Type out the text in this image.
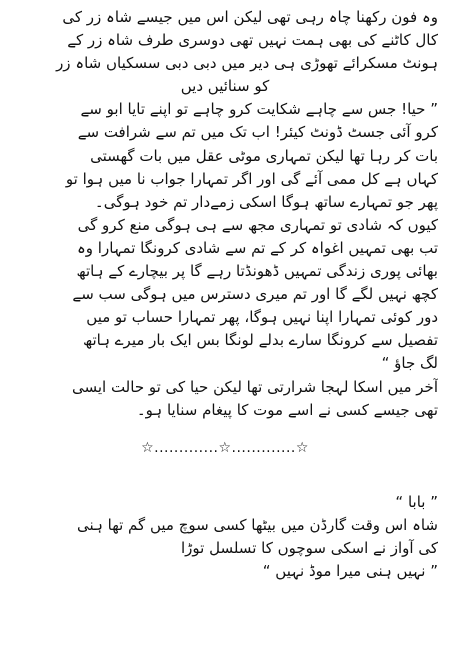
وہ فون رکھنا چاہ رہی تھی لیکن اس میں جیسے شاہ زر کی
کال کاٹنے کی بھی ہمت نہیں تھی دوسری طرف شاہ زر کے
ہونٹ مسکرائے تھوڑی ہی دیر میں دبی دبی سسکیاں شاہ زر
کو سنائیں دیں
” حیا! جس سے چاہے شکایت کرو چاہے تو اپنے تایا ابو سے
کرو آئی جسٹ ڈونٹ کیئر! اب تک میں تم سے شرافت سے
بات کر رہا تھا لیکن تمہاری موٹی عقل میں بات گھستی
کہاں ہے کل ممی آئے گی اور اگر تمہارا جواب نا میں ہوا تو
پھر جو تمہارے ساتھ ہوگا اسکی زمےدار تم خود ہوگی۔
کیوں کہ شادی تو تمہاری مجھ سے ہی ہوگی منع کرو گی
تب بھی تمہیں اغواہ کر کے تم سے شادی کرونگا تمہارا وہ
بھائی پوری زندگی تمہیں ڈھونڈتا رہے گا پر بیچارے کے ہاتھ
کچھ نہیں لگے گا اور تم میری دسترس میں ہوگی سب سے
دور کوئی تمہارا اپنا نہیں ہوگا، پھر تمہارا حساب تو میں
تفصیل سے کرونگا سارے بدلے لونگا بس ایک بار میرے ہاتھ
لگ جاؤ “
آخر میں اسکا لہجا شرارتی تھا لیکن حیا کی تو حالت ایسی
تھی جیسے کسی نے اسے موت کا پیغام سنایا ہو۔
☆.............☆.............☆
” بابا “
شاہ اس وقت گارڈن میں بیٹھا کسی سوچ میں گم تھا ہنی
کی آواز نے اسکی سوچوں کا تسلسل توڑا
” نہیں ہنی میرا موڈ نہیں “
